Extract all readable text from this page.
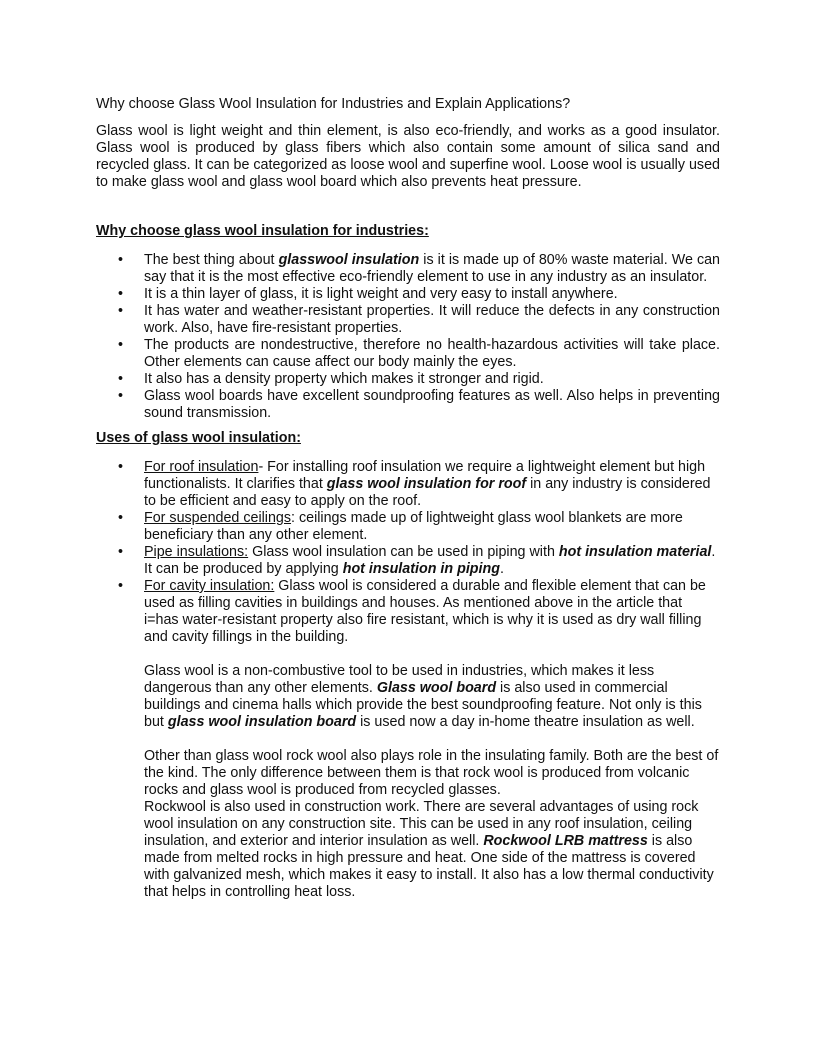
Why choose Glass Wool Insulation for Industries and Explain Applications?

Glass wool is light weight and thin element, is also eco-friendly, and works as a good insulator. Glass wool is produced by glass fibers which also contain some amount of silica sand and recycled glass. It can be categorized as loose wool and superfine wool. Loose wool is usually used to make glass wool and glass wool board which also prevents heat pressure.

Why choose glass wool insulation for industries:
• The best thing about glasswool insulation is it is made up of 80% waste material. We can say that it is the most effective eco-friendly element to use in any industry as an insulator.
• It is a thin layer of glass, it is light weight and very easy to install anywhere.
• It has water and weather-resistant properties. It will reduce the defects in any construction work. Also, have fire-resistant properties.
• The products are nondestructive, therefore no health-hazardous activities will take place. Other elements can cause affect our body mainly the eyes.
• It also has a density property which makes it stronger and rigid.
• Glass wool boards have excellent soundproofing features as well. Also helps in preventing sound transmission.
Uses of glass wool insulation:
• For roof insulation- For installing roof insulation we require a lightweight element but high functionalists. It clarifies that glass wool insulation for roof in any industry is considered to be efficient and easy to apply on the roof.
• For suspended ceilings: ceilings made up of lightweight glass wool blankets are more beneficiary than any other element.
• Pipe insulations: Glass wool insulation can be used in piping with hot insulation material. It can be produced by applying hot insulation in piping.
• For cavity insulation: Glass wool is considered a durable and flexible element that can be used as filling cavities in buildings and houses. As mentioned above in the article that i=has water-resistant property also fire resistant, which is why it is used as dry wall filling and cavity fillings in the building.

Glass wool is a non-combustive tool to be used in industries, which makes it less dangerous than any other elements. Glass wool board is also used in commercial buildings and cinema halls which provide the best soundproofing feature. Not only is this but glass wool insulation board is used now a day in-home theatre insulation as well.

Other than glass wool rock wool also plays role in the insulating family. Both are the best of the kind. The only difference between them is that rock wool is produced from volcanic rocks and glass wool is produced from recycled glasses.

Rockwool is also used in construction work. There are several advantages of using rock wool insulation on any construction site. This can be used in any roof insulation, ceiling insulation, and exterior and interior insulation as well. Rockwool LRB mattress is also made from melted rocks in high pressure and heat. One side of the mattress is covered with galvanized mesh, which makes it easy to install. It also has a low thermal conductivity that helps in controlling heat loss.
